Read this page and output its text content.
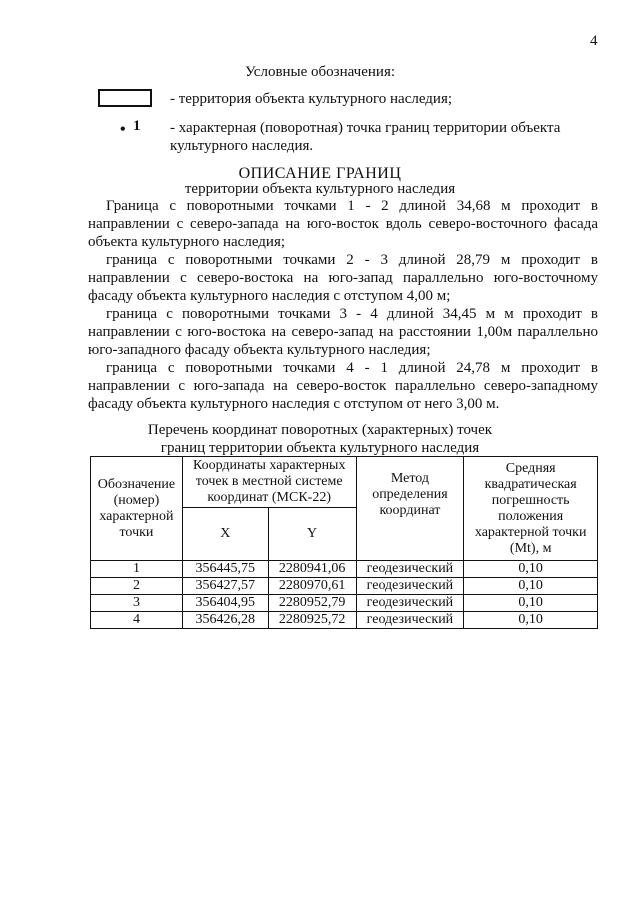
4
Условные обозначения:
- территория объекта культурного наследия;
• 1 - характерная (поворотная) точка границ территории объекта культурного наследия.
ОПИСАНИЕ ГРАНИЦ
территории объекта культурного наследия

Граница с поворотными точками 1 - 2 длиной 34,68 м проходит в направлении с северо-запада на юго-восток вдоль северо-восточного фасада объекта культурного наследия;

граница с поворотными точками 2 - 3 длиной 28,79 м проходит в направлении с северо-востока на юго-запад параллельно юго-восточному фасаду объекта культурного наследия с отступом 4,00 м;

граница с поворотными точками 3 - 4 длиной 34,45 м м проходит в направлении с юго-востока на северо-запад на расстоянии 1,00м параллельно юго-западного фасаду объекта культурного наследия;

граница с поворотными точками 4 - 1 длиной 24,78 м проходит в направлении с юго-запада на северо-восток параллельно северо-западному фасаду объекта культурного наследия с отступом от него 3,00 м.

Перечень координат поворотных (характерных) точек
границ территории объекта культурного наследия
Обозначение (номер) характерной точки	Координаты характерных точек в местной системе координат (МСК-22)		Метод определения координат	Средняя квадратическая погрешность положения характерной точки (Mt), м
	X	Y		
1	356445,75	2280941,06	геодезический	0,10
2	356427,57	2280970,61	геодезический	0,10
3	356404,95	2280952,79	геодезический	0,10
4	356426,28	2280925,72	геодезический	0,10
